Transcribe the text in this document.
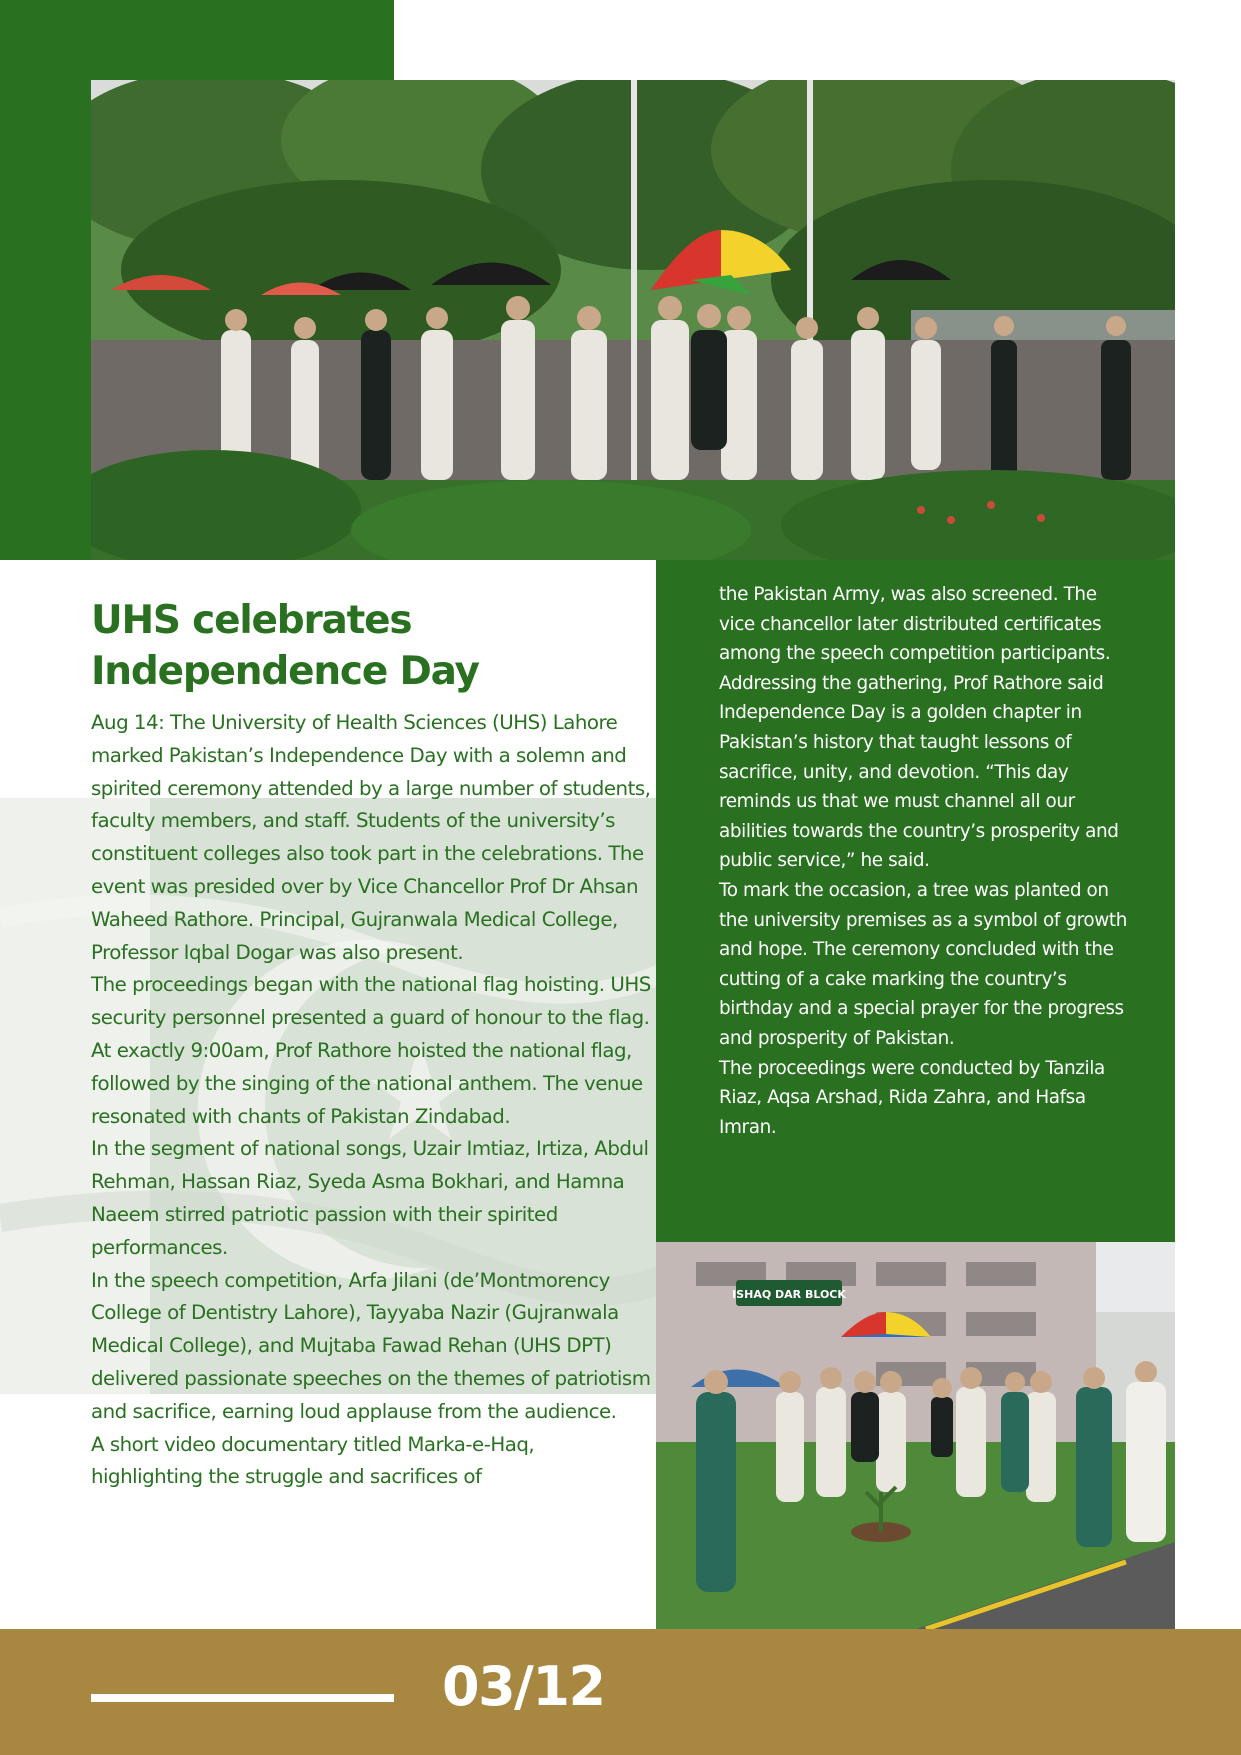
UHS celebrates
Independence Day

Aug 14: The University of Health Sciences (UHS) Lahore marked Pakistan’s Independence Day with a solemn and spirited ceremony attended by a large number of students, faculty members, and staff. Students of the university’s constituent colleges also took part in the celebrations. The event was presided over by Vice Chancellor Prof Dr Ahsan Waheed Rathore. Principal, Gujranwala Medical College, Professor Iqbal Dogar was also present.

The proceedings began with the national flag hoisting. UHS security personnel presented a guard of honour to the flag. At exactly 9:00am, Prof Rathore hoisted the national flag, followed by the singing of the national anthem. The venue resonated with chants of Pakistan Zindabad.

In the segment of national songs, Uzair Imtiaz, Irtiza, Abdul Rehman, Hassan Riaz, Syeda Asma Bokhari, and Hamna Naeem stirred patriotic passion with their spirited performances.

In the speech competition, Arfa Jilani (de’Montmorency College of Dentistry Lahore), Tayyaba Nazir (Gujranwala Medical College), and Mujtaba Fawad Rehan (UHS DPT) delivered passionate speeches on the themes of patriotism and sacrifice, earning loud applause from the audience.

A short video documentary titled Marka-e-Haq, highlighting the struggle and sacrifices of

the Pakistan Army, was also screened. The vice chancellor later distributed certificates among the speech competition participants.

Addressing the gathering, Prof Rathore said Independence Day is a golden chapter in Pakistan’s history that taught lessons of sacrifice, unity, and devotion. “This day reminds us that we must channel all our abilities towards the country’s prosperity and public service,” he said.

To mark the occasion, a tree was planted on the university premises as a symbol of growth and hope. The ceremony concluded with the cutting of a cake marking the country’s birthday and a special prayer for the progress and prosperity of Pakistan.

The proceedings were conducted by Tanzila Riaz, Aqsa Arshad, Rida Zahra, and Hafsa Imran.

ISHAQ DAR BLOCK
03/12
